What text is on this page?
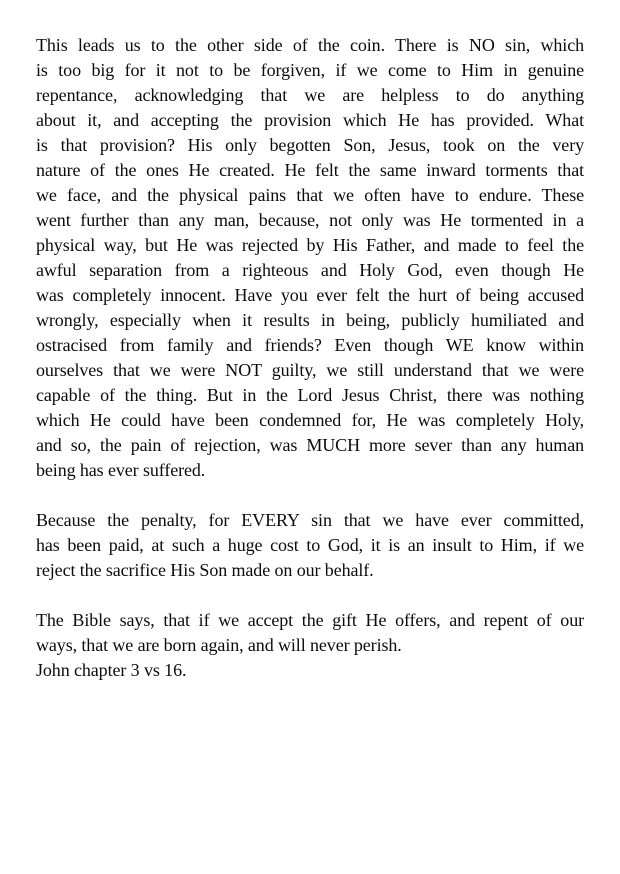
This leads us to the other side of the coin. There is NO sin, which
is too big for it not to be forgiven, if we come to Him in genuine
repentance, acknowledging that we are helpless to do anything
about it, and accepting the provision which He has provided. What
is that provision? His only begotten Son, Jesus, took on the very
nature of the ones He created. He felt the same inward torments that
we face, and the physical pains that we often have to endure. These
went further than any man, because, not only was He tormented in a
physical way, but He was rejected by His Father, and made to feel the
awful separation from a righteous and Holy God, even though He
was completely innocent. Have you ever felt the hurt of being accused
wrongly, especially when it results in being, publicly humiliated and
ostracised from family and friends? Even though WE know within
ourselves that we were NOT guilty, we still understand that we were
capable of the thing. But in the Lord Jesus Christ, there was nothing
which He could have been condemned for, He was completely Holy,
and so, the pain of rejection, was MUCH more sever than any human
being has ever suffered.
Because the penalty, for EVERY sin that we have ever committed,
has been paid, at such a huge cost to God, it is an insult to Him, if we
reject the sacrifice His Son made on our behalf.
The Bible says, that if we accept the gift He offers, and repent of our
ways, that we are born again, and will never perish.
John chapter 3 vs 16.
